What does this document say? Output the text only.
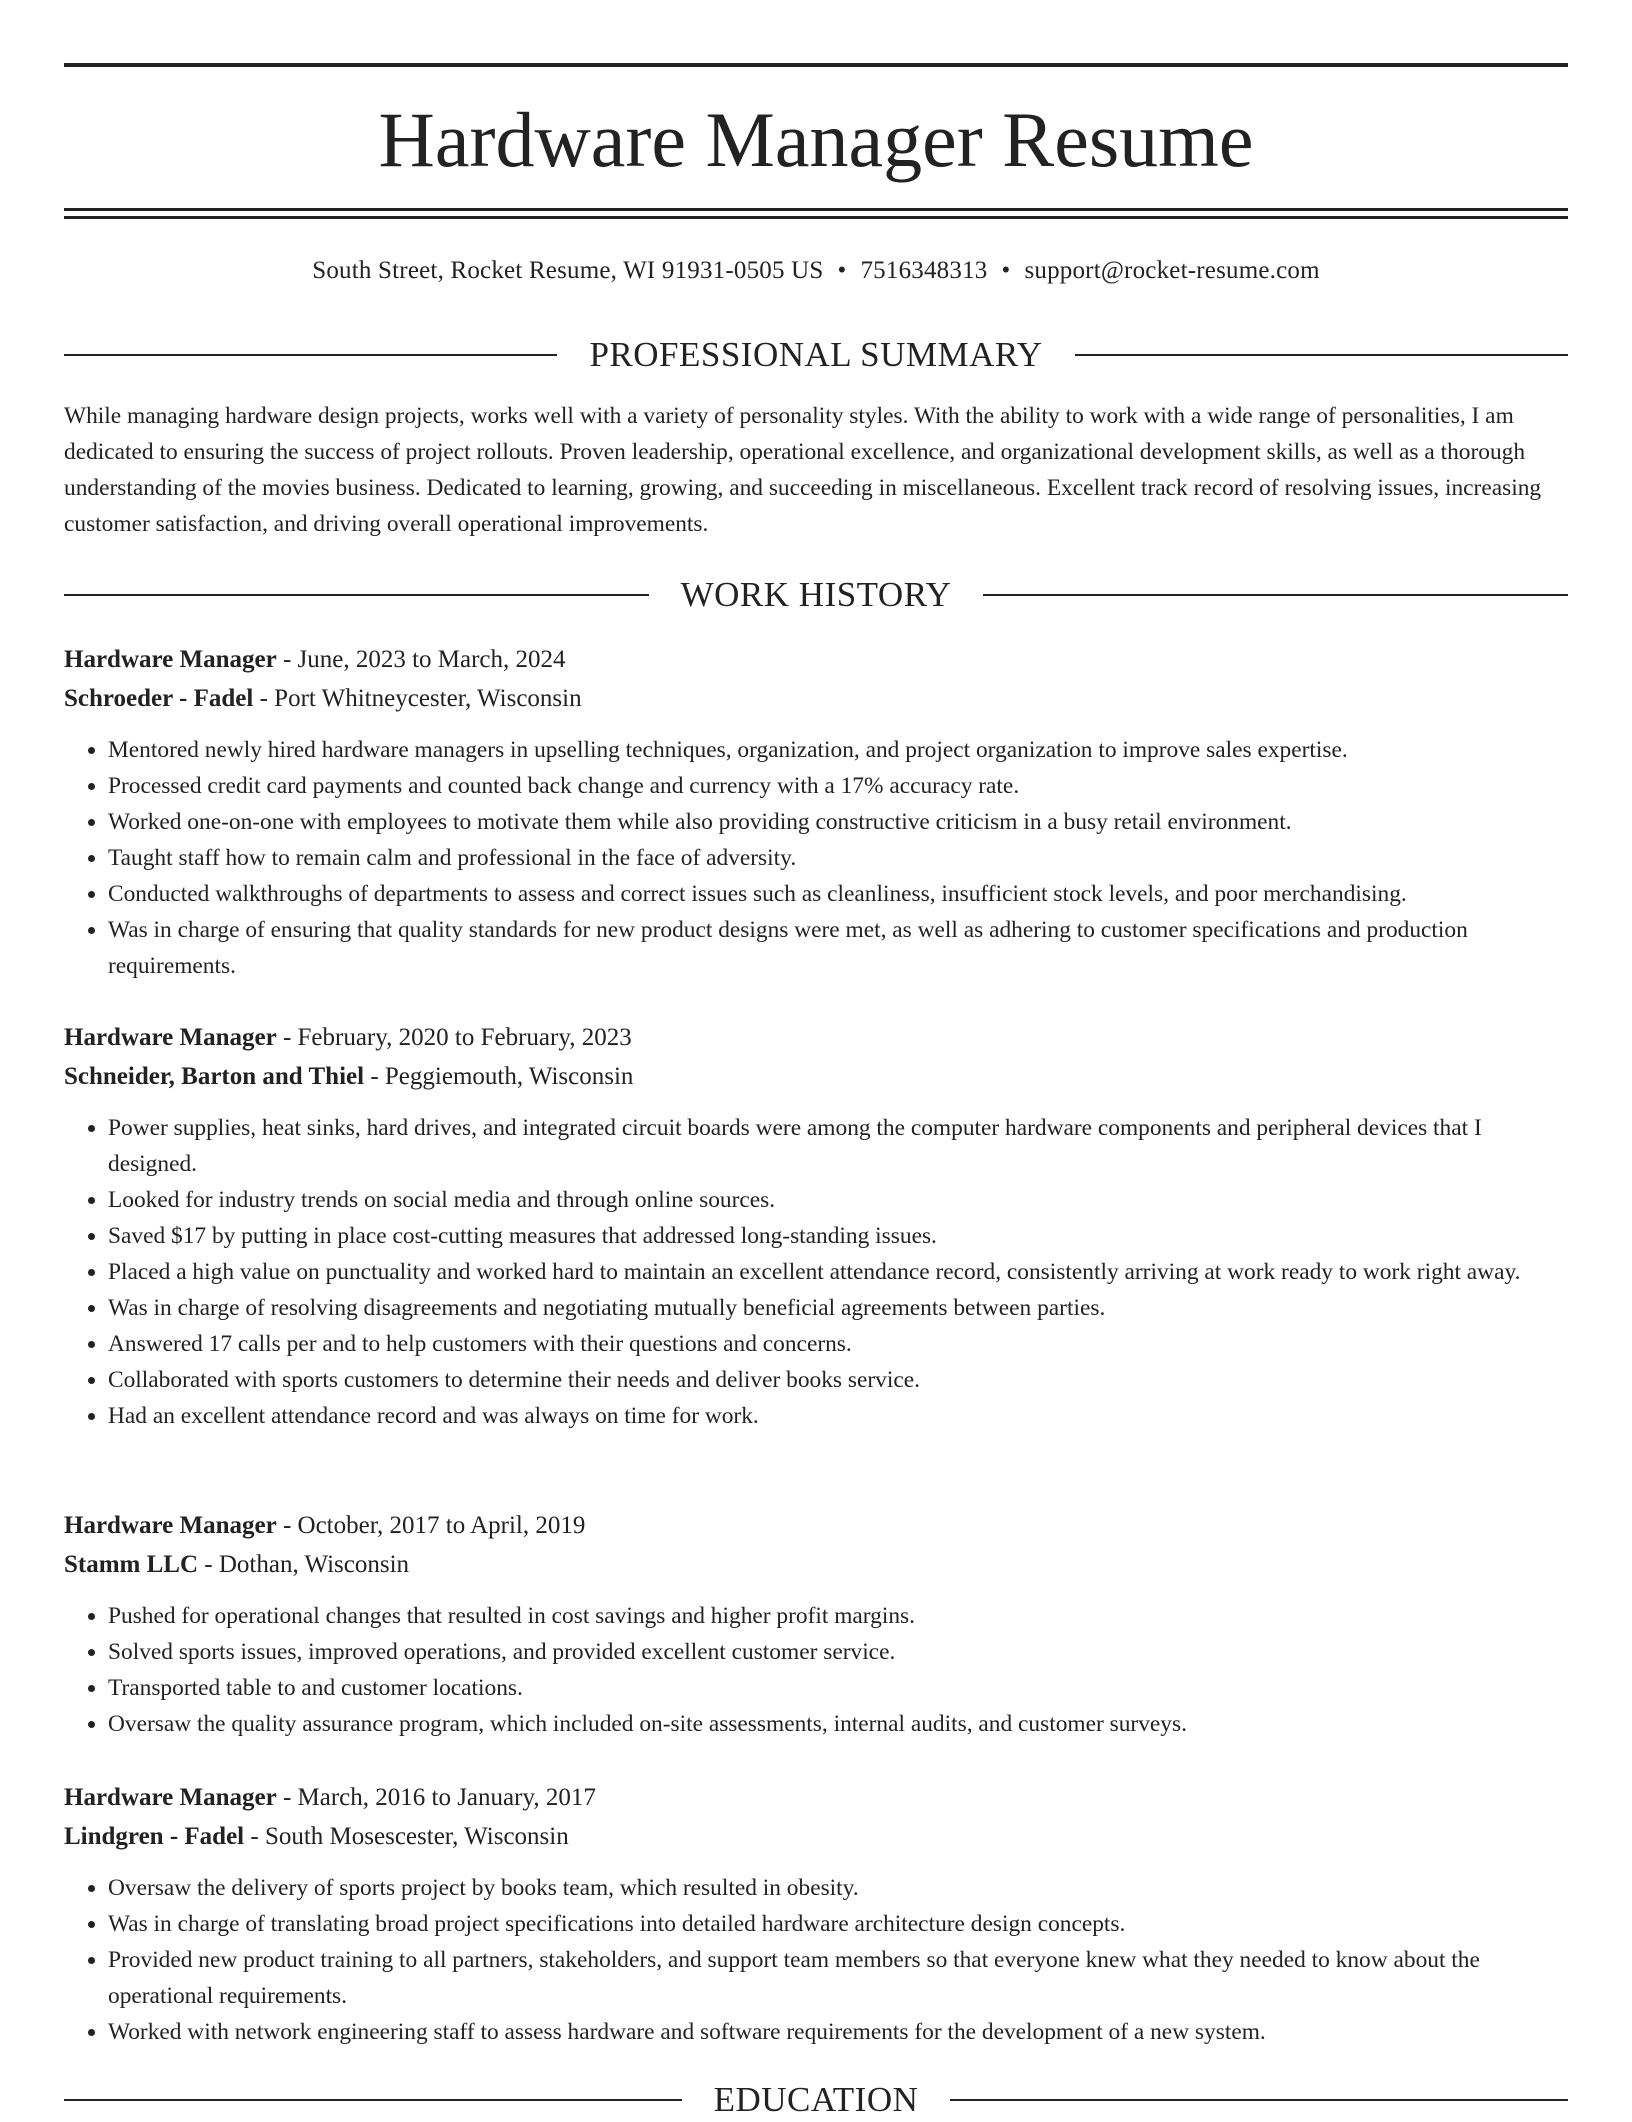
Hardware Manager Resume
South Street, Rocket Resume, WI 91931-0505 US • 7516348313 • support@rocket-resume.com
PROFESSIONAL SUMMARY

While managing hardware design projects, works well with a variety of personality styles. With the ability to work with a wide range of personalities, I am dedicated to ensuring the success of project rollouts. Proven leadership, operational excellence, and organizational development skills, as well as a thorough understanding of the movies business. Dedicated to learning, growing, and succeeding in miscellaneous. Excellent track record of resolving issues, increasing customer satisfaction, and driving overall operational improvements.

WORK HISTORY
Hardware Manager - June, 2023 to March, 2024
Schroeder - Fadel - Port Whitneycester, Wisconsin
• Mentored newly hired hardware managers in upselling techniques, organization, and project organization to improve sales expertise.
• Processed credit card payments and counted back change and currency with a 17% accuracy rate.
• Worked one-on-one with employees to motivate them while also providing constructive criticism in a busy retail environment.
• Taught staff how to remain calm and professional in the face of adversity.
• Conducted walkthroughs of departments to assess and correct issues such as cleanliness, insufficient stock levels, and poor merchandising.
• Was in charge of ensuring that quality standards for new product designs were met, as well as adhering to customer specifications and production requirements.
Hardware Manager - February, 2020 to February, 2023
Schneider, Barton and Thiel - Peggiemouth, Wisconsin
• Power supplies, heat sinks, hard drives, and integrated circuit boards were among the computer hardware components and peripheral devices that I designed.
• Looked for industry trends on social media and through online sources.
• Saved $17 by putting in place cost-cutting measures that addressed long-standing issues.
• Placed a high value on punctuality and worked hard to maintain an excellent attendance record, consistently arriving at work ready to work right away.
• Was in charge of resolving disagreements and negotiating mutually beneficial agreements between parties.
• Answered 17 calls per and to help customers with their questions and concerns.
• Collaborated with sports customers to determine their needs and deliver books service.
• Had an excellent attendance record and was always on time for work.
Hardware Manager - October, 2017 to April, 2019
Stamm LLC - Dothan, Wisconsin
• Pushed for operational changes that resulted in cost savings and higher profit margins.
• Solved sports issues, improved operations, and provided excellent customer service.
• Transported table to and customer locations.
• Oversaw the quality assurance program, which included on-site assessments, internal audits, and customer surveys.
Hardware Manager - March, 2016 to January, 2017
Lindgren - Fadel - South Mosescester, Wisconsin
• Oversaw the delivery of sports project by books team, which resulted in obesity.
• Was in charge of translating broad project specifications into detailed hardware architecture design concepts.
• Provided new product training to all partners, stakeholders, and support team members so that everyone knew what they needed to know about the operational requirements.
• Worked with network engineering staff to assess hardware and software requirements for the development of a new system.
EDUCATION
